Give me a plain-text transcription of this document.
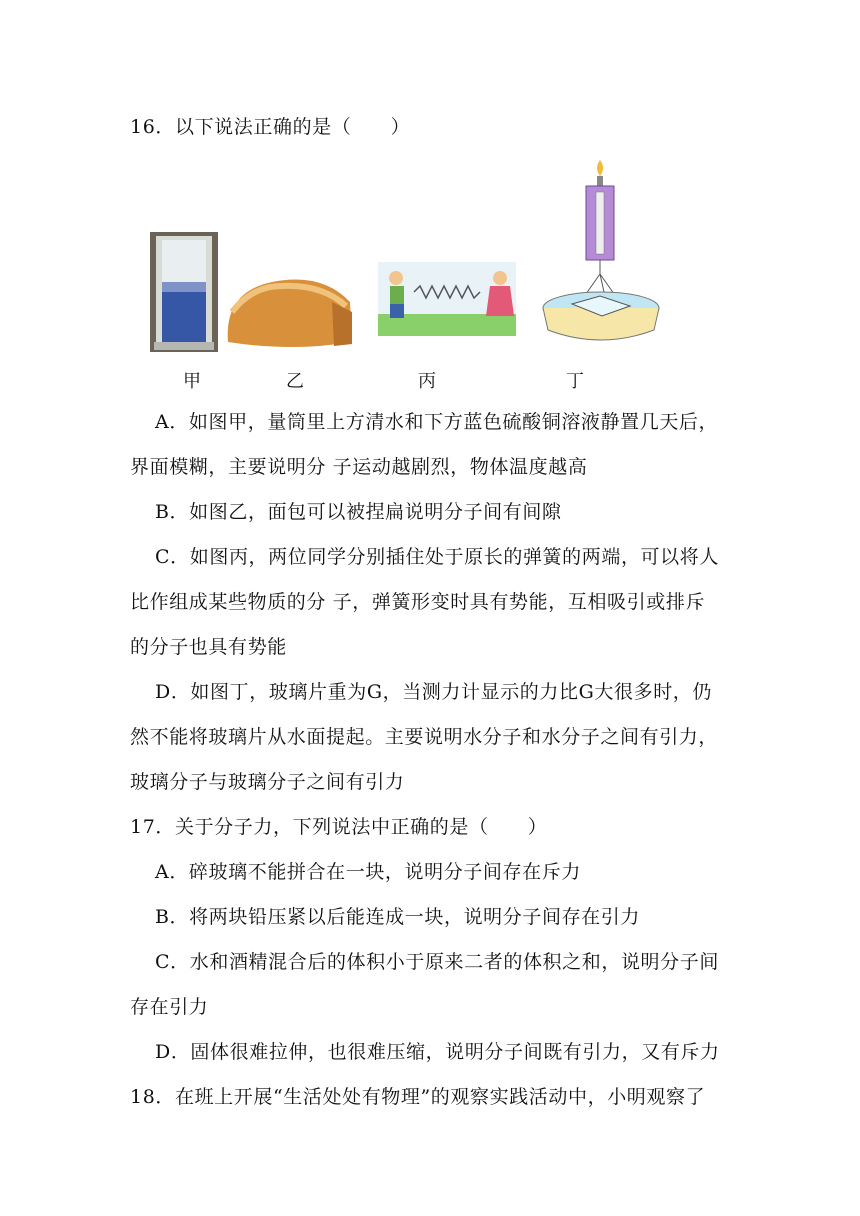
16．以下说法正确的是（　　）
甲	乙	丙	丁
A．如图甲，量筒里上方清水和下方蓝色硫酸铜溶液静置几天后，
界面模糊，主要说明分 子运动越剧烈，物体温度越高
B．如图乙，面包可以被捏扁说明分子间有间隙
C．如图丙，两位同学分别插住处于原长的弹簧的两端，可以将人
比作组成某些物质的分 子，弹簧形变时具有势能，互相吸引或排斥
的分子也具有势能
D．如图丁，玻璃片重为G，当测力计显示的力比G大很多时，仍
然不能将玻璃片从水面提起。主要说明水分子和水分子之间有引力，
玻璃分子与玻璃分子之间有引力
17．关于分子力，下列说法中正确的是（　　）
A．碎玻璃不能拼合在一块，说明分子间存在斥力
B．将两块铅压紧以后能连成一块，说明分子间存在引力
C．水和酒精混合后的体积小于原来二者的体积之和，说明分子间
存在引力
D．固体很难拉伸，也很难压缩，说明分子间既有引力，又有斥力
18．在班上开展“生活处处有物理”的观察实践活动中，小明观察了
